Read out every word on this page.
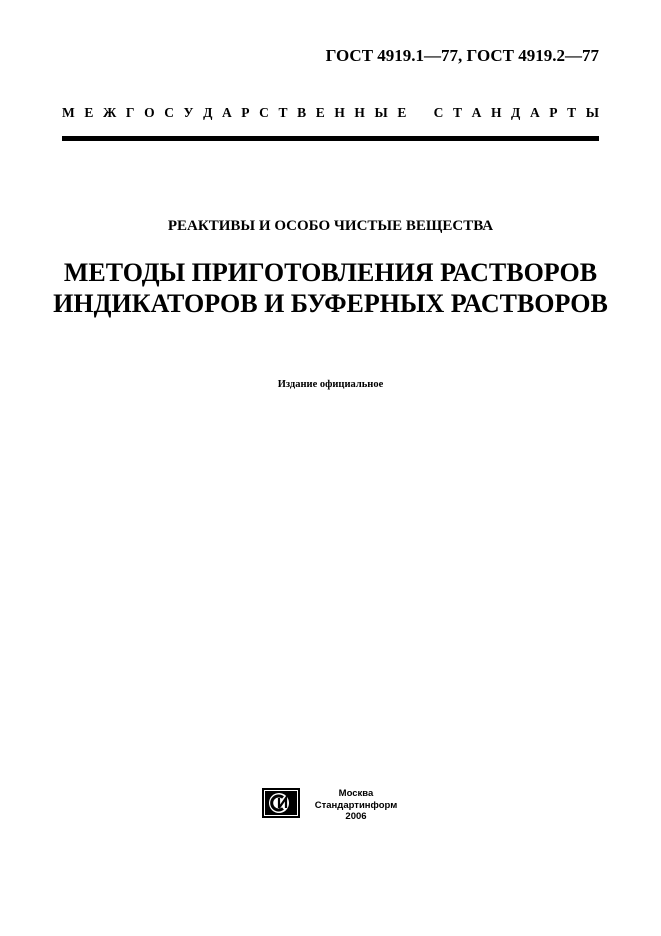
ГОСТ 4919.1—77, ГОСТ 4919.2—77
М Е Ж Г О С У Д А Р С Т В Е Н Н Ы Е С Т А Н Д А Р Т Ы
РЕАКТИВЫ И ОСОБО ЧИСТЫЕ ВЕЩЕСТВА
МЕТОДЫ ПРИГОТОВЛЕНИЯ РАСТВОРОВ
ИНДИКАТОРОВ И БУФЕРНЫХ РАСТВОРОВ
Издание официальное
Москва
Стандартинформ
2006
